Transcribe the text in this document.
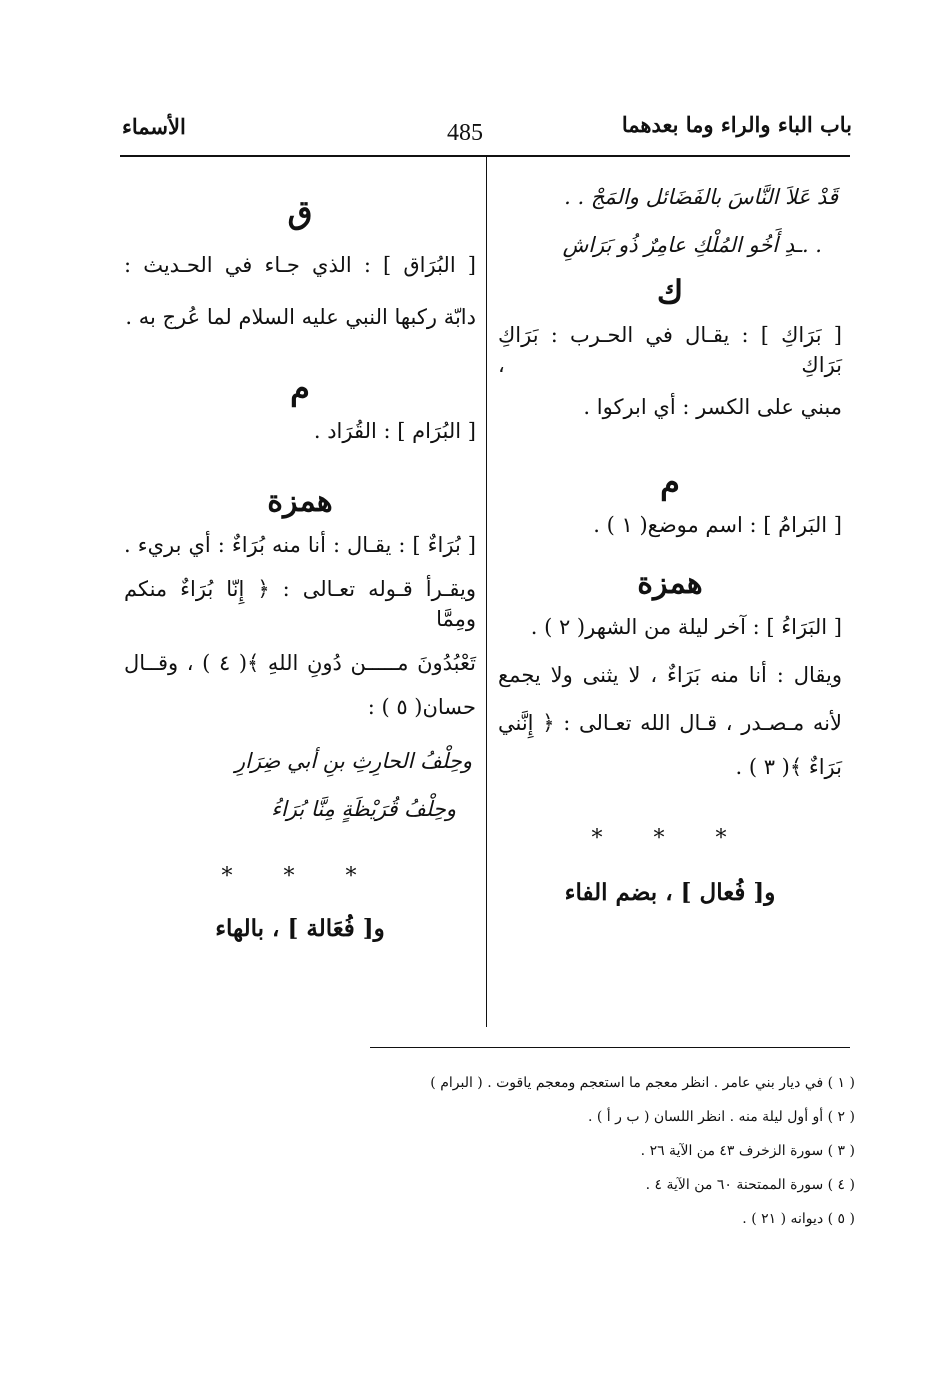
باب الباء والراء وما بعدهما
485
الأسماء

قَدْ عَلاَ النَّاسَ بالفَضَائل والمَجْ . .

. .ـدِ أَخُو المُلْكِ عامِرٌ ذُو بَرَاشِ

ك

[ بَرَاكِ ] : يقـال في الحـرب : بَرَاكِ بَرَاكِ ،

مبني على الكسر : أي ابركوا .

م

[ البَرامُ ] : اسم موضع( ١ ) .

همزة

[ البَرَاءُ ] : آخر ليلة من الشهر( ٢ ) .

ويقال : أنا منه بَرَاءٌ ، لا يثنى ولا يجمع

لأنه مـصـدر ، قـال الله تعـالى : ﴿ إِنَّني

بَرَاءٌ ﴾( ٣ ) .

* * *
و[ فُعال ] ، بضم الفاء
ق

[ البُرَاق ] : الذي جـاء في الحـديث :

دابّة ركبها النبي عليه السلام لما عُرج به .

م

[ البُرَام ] : القُرَاد .

همزة

[ بُرَاءٌ ] : يقـال : أنا منه بُرَاءٌ : أي بريء .

ويقـرأ قـوله تعـالى : ﴿ إِنّا بُرَاءٌ منكم ومِمَّا

تَعْبُدُونَ مـــــن دُونِ اللهِ ﴾( ٤ ) ، وقــال

حسان( ٥ ) :

وحِلْفُ الحارِثِ بنِ أبي ضِرَارِ

وحِلْفُ قُرَيْظَةٍ مِنَّا بُرَاءُ

* * *
و[ فُعَالة ] ، بالهاء

( ١ ) في ديار بني عامر . انظر معجم ما استعجم ومعجم ياقوت . ( البرام )

( ٢ ) أو أول ليلة منه . انظر اللسان ( ب ر أ ) .

( ٣ ) سورة الزخرف ٤٣ من الآية ٢٦ .

( ٤ ) سورة الممتحنة ٦٠ من الآية ٤ .

( ٥ ) ديوانه ( ٢١ ) .
